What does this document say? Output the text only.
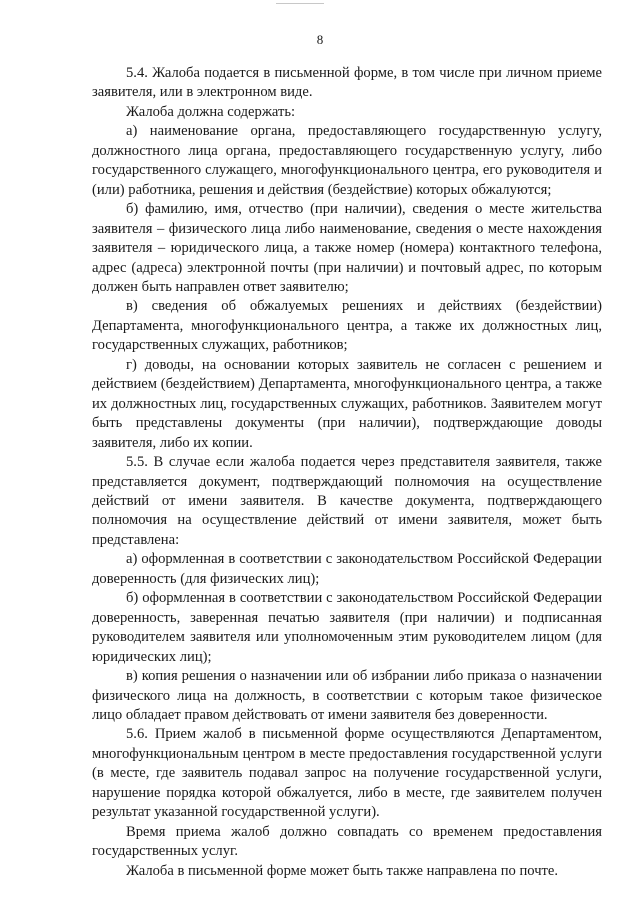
8

5.4. Жалоба подается в письменной форме, в том числе при личном приеме заявителя, или в электронном виде.

Жалоба должна содержать:

а) наименование органа, предоставляющего государственную услугу, должностного лица органа, предоставляющего государственную услугу, либо государственного служащего, многофункционального центра, его руководителя и (или) работника, решения и действия (бездействие) которых обжалуются;

б) фамилию, имя, отчество (при наличии), сведения о месте жительства заявителя – физического лица либо наименование, сведения о месте нахождения заявителя – юридического лица, а также номер (номера) контактного телефона, адрес (адреса) электронной почты (при наличии) и почтовый адрес, по которым должен быть направлен ответ заявителю;

в) сведения об обжалуемых решениях и действиях (бездействии) Департамента, многофункционального центра, а также их должностных лиц, государственных служащих, работников;

г) доводы, на основании которых заявитель не согласен с решением и действием (бездействием) Департамента, многофункционального центра, а также их должностных лиц, государственных служащих, работников. Заявителем могут быть представлены документы (при наличии), подтверждающие доводы заявителя, либо их копии.

5.5. В случае если жалоба подается через представителя заявителя, также представляется документ, подтверждающий полномочия на осуществление действий от имени заявителя. В качестве документа, подтверждающего полномочия на осуществление действий от имени заявителя, может быть представлена:

а) оформленная в соответствии с законодательством Российской Федерации доверенность (для физических лиц);

б) оформленная в соответствии с законодательством Российской Федерации доверенность, заверенная печатью заявителя (при наличии) и подписанная руководителем заявителя или уполномоченным этим руководителем лицом (для юридических лиц);

в) копия решения о назначении или об избрании либо приказа о назначении физического лица на должность, в соответствии с которым такое физическое лицо обладает правом действовать от имени заявителя без доверенности.

5.6. Прием жалоб в письменной форме осуществляются Департаментом, многофункциональным центром в месте предоставления государственной услуги (в месте, где заявитель подавал запрос на получение государственной услуги, нарушение порядка которой обжалуется, либо в месте, где заявителем получен результат указанной государственной услуги).

Время приема жалоб должно совпадать со временем предоставления государственных услуг.

Жалоба в письменной форме может быть также направлена по почте.
